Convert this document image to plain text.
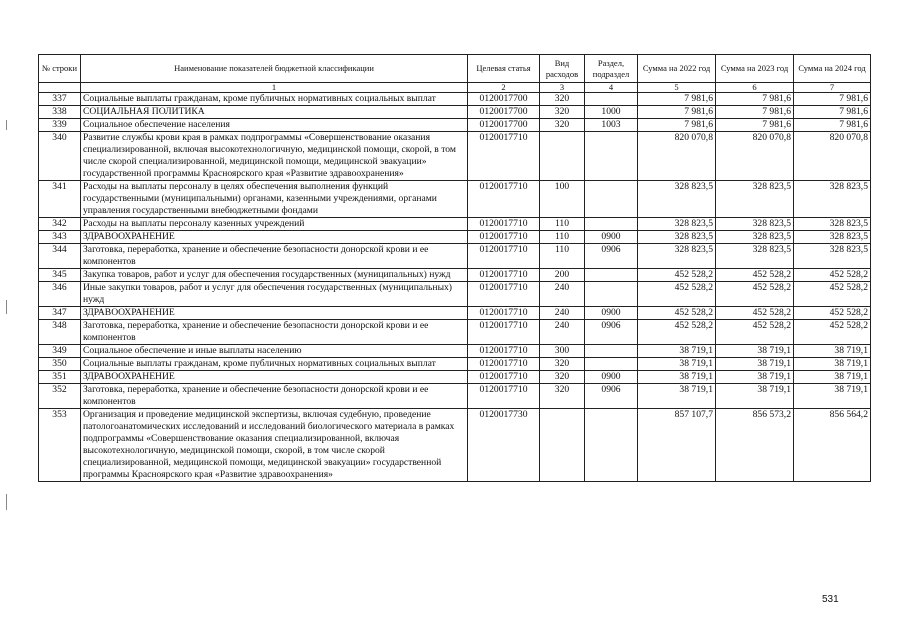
№ строки	Наименование показателей бюджетной классификации	Целевая статья	Вид расходов	Раздел, подраздел	Сумма на 2022 год	Сумма на 2023 год	Сумма на 2024 год
	1	2	3	4	5	6	7
337	Социальные выплаты гражданам, кроме публичных нормативных социальных выплат	0120017700	320		7 981,6	7 981,6	7 981,6
338	СОЦИАЛЬНАЯ ПОЛИТИКА	0120017700	320	1000	7 981,6	7 981,6	7 981,6
339	Социальное обеспечение населения	0120017700	320	1003	7 981,6	7 981,6	7 981,6
340	Развитие службы крови края в рамках подпрограммы «Совершенствование оказания специализированной, включая высокотехнологичную, медицинской помощи, скорой, в том числе скорой специализированной, медицинской помощи, медицинской эвакуации» государственной программы Красноярского края «Развитие здравоохранения»	0120017710			820 070,8	820 070,8	820 070,8
341	Расходы на выплаты персоналу в целях обеспечения выполнения функций государственными (муниципальными) органами, казенными учреждениями, органами управления государственными внебюджетными фондами	0120017710	100		328 823,5	328 823,5	328 823,5
342	Расходы на выплаты персоналу казенных учреждений	0120017710	110		328 823,5	328 823,5	328 823,5
343	ЗДРАВООХРАНЕНИЕ	0120017710	110	0900	328 823,5	328 823,5	328 823,5
344	Заготовка, переработка, хранение и обеспечение безопасности донорской крови и ее компонентов	0120017710	110	0906	328 823,5	328 823,5	328 823,5
345	Закупка товаров, работ и услуг для обеспечения государственных (муниципальных) нужд	0120017710	200		452 528,2	452 528,2	452 528,2
346	Иные закупки товаров, работ и услуг для обеспечения государственных (муниципальных) нужд	0120017710	240		452 528,2	452 528,2	452 528,2
347	ЗДРАВООХРАНЕНИЕ	0120017710	240	0900	452 528,2	452 528,2	452 528,2
348	Заготовка, переработка, хранение и обеспечение безопасности донорской крови и ее компонентов	0120017710	240	0906	452 528,2	452 528,2	452 528,2
349	Социальное обеспечение и иные выплаты населению	0120017710	300		38 719,1	38 719,1	38 719,1
350	Социальные выплаты гражданам, кроме публичных нормативных социальных выплат	0120017710	320		38 719,1	38 719,1	38 719,1
351	ЗДРАВООХРАНЕНИЕ	0120017710	320	0900	38 719,1	38 719,1	38 719,1
352	Заготовка, переработка, хранение и обеспечение безопасности донорской крови и ее компонентов	0120017710	320	0906	38 719,1	38 719,1	38 719,1
353	Организация и проведение медицинской экспертизы, включая судебную, проведение патологоанатомических исследований и исследований биологического материала в рамках подпрограммы «Совершенствование оказания специализированной, включая высокотехнологичную, медицинской помощи, скорой, в том числе скорой специализированной, медицинской помощи, медицинской эвакуации» государственной программы Красноярского края «Развитие здравоохранения»	0120017730			857 107,7	856 573,2	856 564,2
531
